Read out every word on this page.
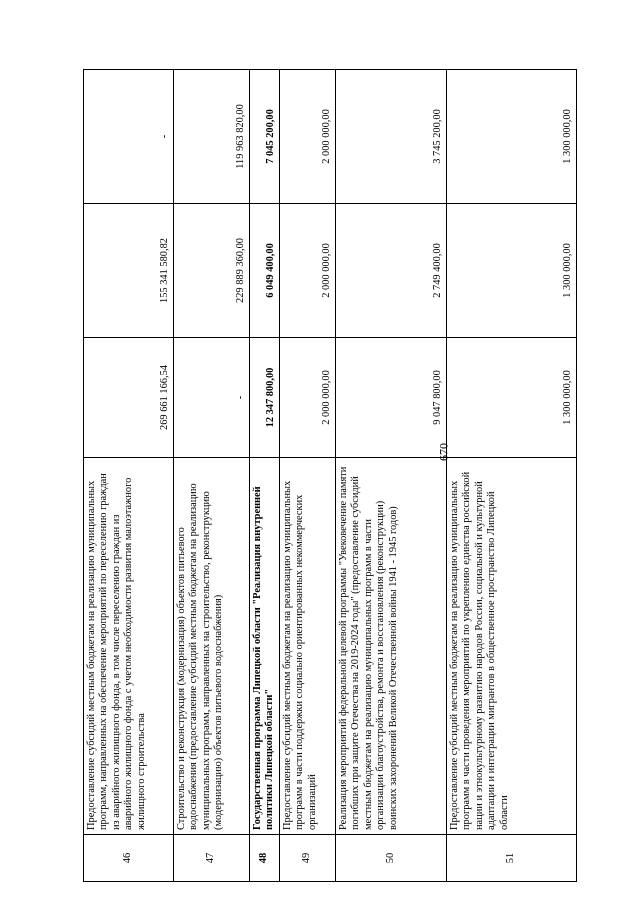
670
46	Предоставление субсидий местным бюджетам на реализацию муниципальных программ, направленных на обеспечение мероприятий по переселению граждан из аварийного жилищного фонда, в том числе переселению граждан из аварийного жилищного фонда с учетом необходимости развития малоэтажного жилищного строительства	269 661 166,54	155 341 580,82	-
47	Строительство и реконструкция (модернизация) объектов питьевого водоснабжения (предоставление субсидий местным бюджетам на реализацию муниципальных программ, направленных на строительство, реконструкцию (модернизацию) объектов питьевого водоснабжения)	-	229 889 360,00	119 963 820,00
48	Государственная программа Липецкой области "Реализация внутренней политики Липецкой области"	12 347 800,00	6 049 400,00	7 045 200,00
49	Предоставление субсидий местным бюджетам на реализацию муниципальных программ в части поддержки социально ориентированных некоммерческих организаций	2 000 000,00	2 000 000,00	2 000 000,00
50	Реализация мероприятий федеральной целевой программы "Увековечение памяти погибших при защите Отечества на 2019-2024 годы" (предоставление субсидий местным бюджетам на реализацию муниципальных программ в части организации благоустройства, ремонта и восстановления (реконструкции) воинских захоронений Великой Отечественной войны 1941 - 1945 годов)	9 047 800,00	2 749 400,00	3 745 200,00
51	Предоставление субсидий местным бюджетам на реализацию муниципальных программ в части проведения мероприятий по укреплению единства российской нации и этнокультурному развитию народов России, социальной и культурной адаптации и интеграции мигрантов в общественное пространство Липецкой области	1 300 000,00	1 300 000,00	1 300 000,00
